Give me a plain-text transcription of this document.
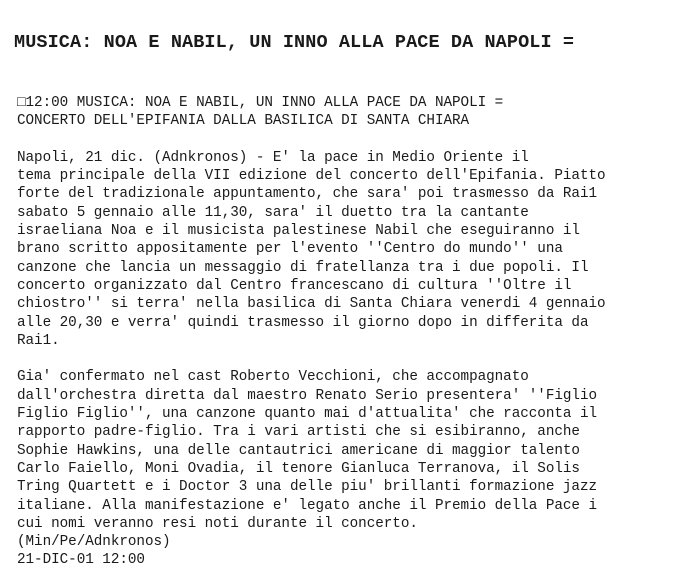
MUSICA: NOA E NABIL, UN INNO ALLA PACE DA NAPOLI =
□12:00 MUSICA: NOA E NABIL, UN INNO ALLA PACE DA NAPOLI =
CONCERTO DELL'EPIFANIA DALLA BASILICA DI SANTA CHIARA
Napoli, 21 dic. (Adnkronos) - E' la pace in Medio Oriente il
tema principale della VII edizione del concerto dell'Epifania. Piatto
forte del tradizionale appuntamento, che sara' poi trasmesso da Rai1
sabato 5 gennaio alle 11,30, sara' il duetto tra la cantante
israeliana Noa e il musicista palestinese Nabil che eseguiranno il
brano scritto appositamente per l'evento ''Centro do mundo'' una
canzone che lancia un messaggio di fratellanza tra i due popoli. Il
concerto organizzato dal Centro francescano di cultura ''Oltre il
chiostro'' si terra' nella basilica di Santa Chiara venerdi 4 gennaio
alle 20,30 e verra' quindi trasmesso il giorno dopo in differita da
Rai1.
Gia' confermato nel cast Roberto Vecchioni, che accompagnato
dall'orchestra diretta dal maestro Renato Serio presentera' ''Figlio
Figlio Figlio'', una canzone quanto mai d'attualita' che racconta il
rapporto padre-figlio. Tra i vari artisti che si esibiranno, anche
Sophie Hawkins, una delle cantautrici americane di maggior talento
Carlo Faiello, Moni Ovadia, il tenore Gianluca Terranova, il Solis
Tring Quartett e i Doctor 3 una delle piu' brillanti formazione jazz
italiane. Alla manifestazione e' legato anche il Premio della Pace i
cui nomi veranno resi noti durante il concerto.
(Min/Pe/Adnkronos)
21-DIC-01 12:00
